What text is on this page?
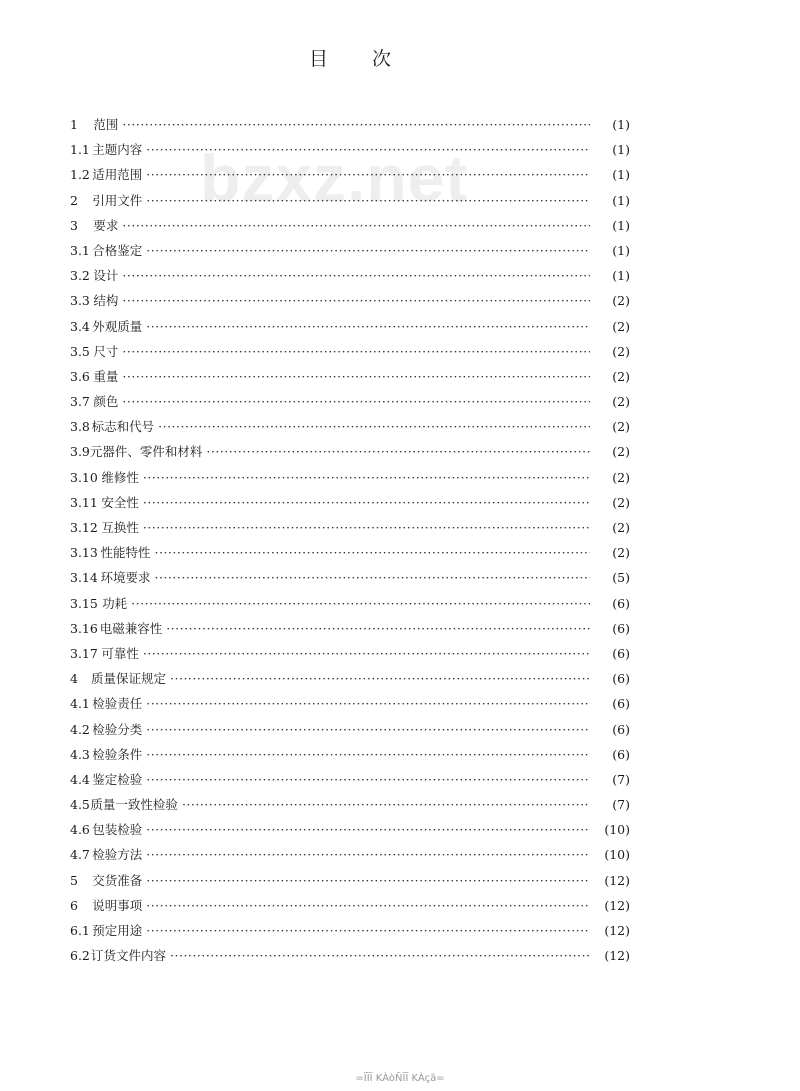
目 次
bzxz.net
1	范围 ·····	(1)
1.1 主题内容 ·····	(1)
1.2 适用范围 ·····	(1)
2	引用文件 ·····	(1)
3	要求 ·····	(1)
3.1 合格鉴定 ·····	(1)
3.2 设计 ·····	(1)
3.3 结构 ·····	(2)
3.4 外观质量 ·····	(2)
3.5 尺寸 ·····	(2)
3.6 重量 ·····	(2)
3.7 颜色 ·····	(2)
3.8 标志和代号 ·····	(2)
3.9 元器件、零件和材料 ·····	(2)
3.10 维修性 ·····	(2)
3.11 安全性 ·····	(2)
3.12 互换性 ·····	(2)
3.13 性能特性 ·····	(2)
3.14 环境要求 ·····	(5)
3.15 功耗 ·····	(6)
3.16 电磁兼容性 ·····	(6)
3.17 可靠性 ·····	(6)
4	质量保证规定 ·····	(6)
4.1 检验责任 ·····	(6)
4.2 检验分类 ·····	(6)
4.3 检验条件 ·····	(6)
4.4 鉴定检验 ·····	(7)
4.5 质量一致性检验 ·····	(7)
4.6 包装检验 ·····	(10)
4.7 检验方法 ·····	(10)
5	交货准备 ·····	(12)
6	说明事项 ·····	(12)
6.1 预定用途 ·····	(12)
6.2 订货文件内容 ·····	(12)
=ÏÏÏ KÀòÑÏÏ KÀçã=
